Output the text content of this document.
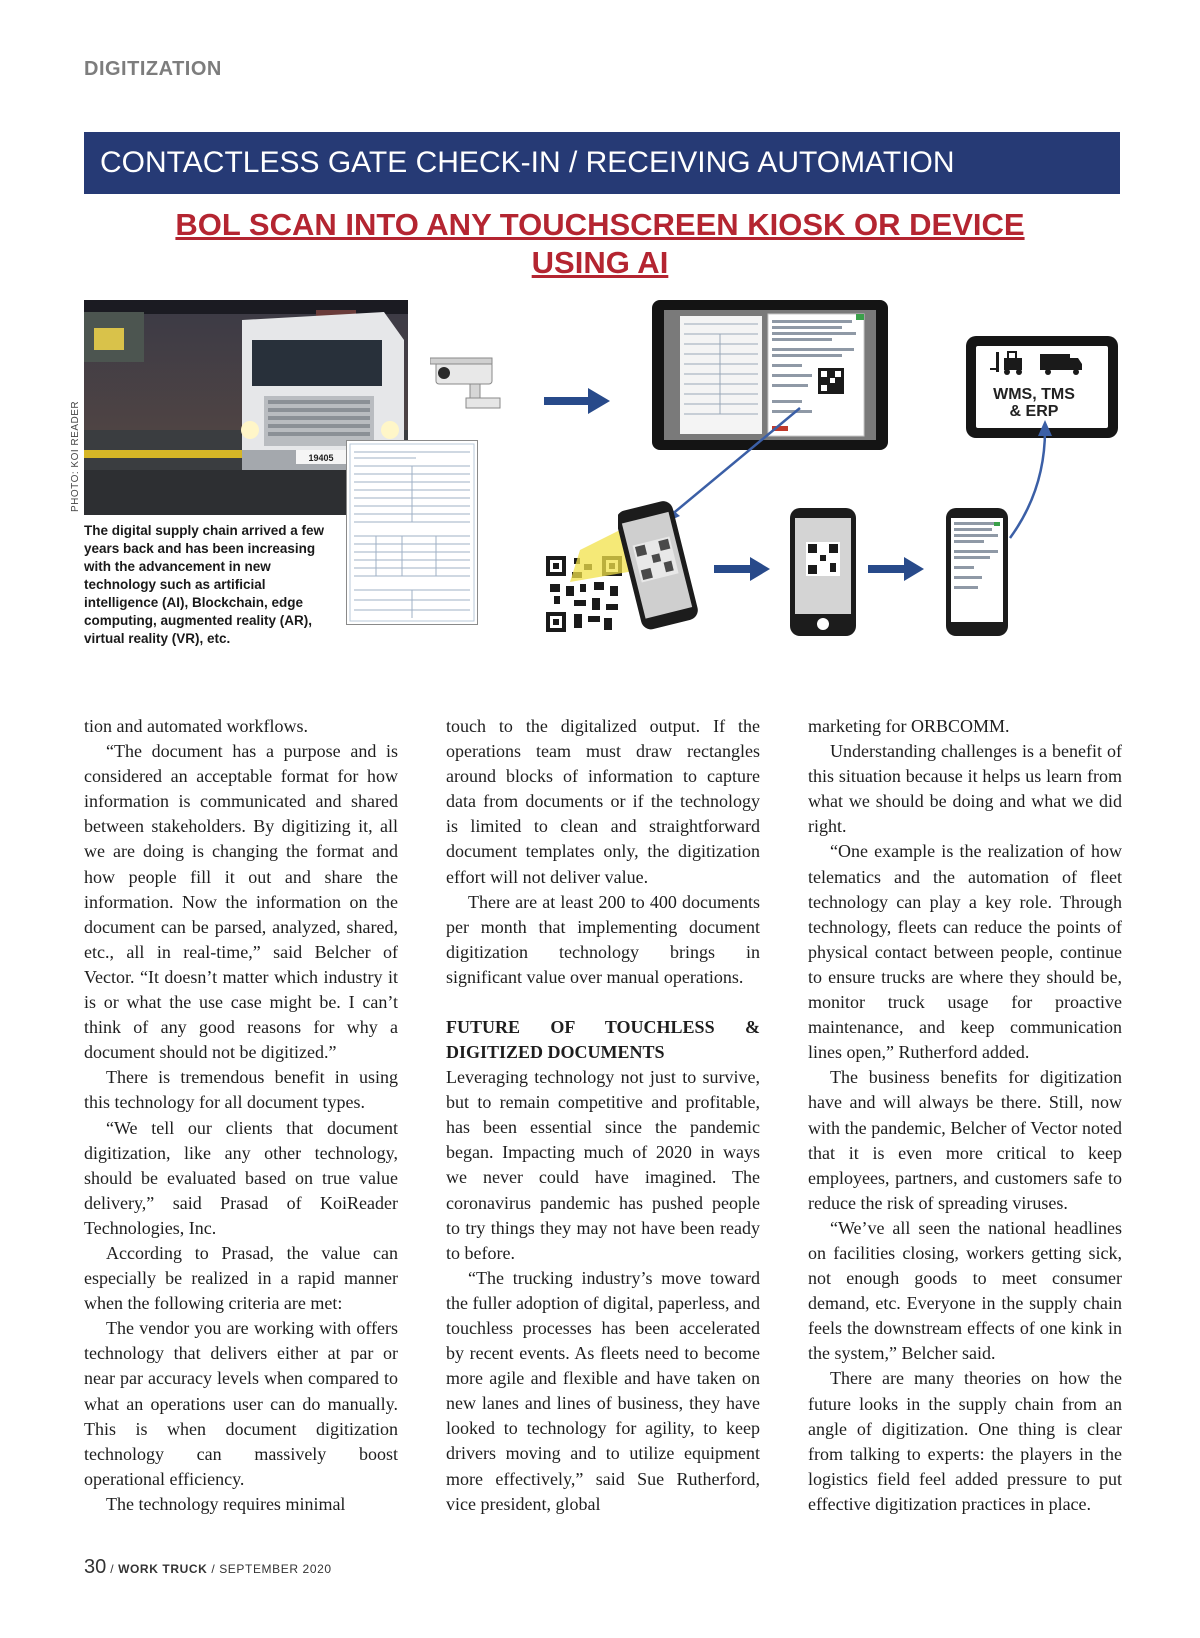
DIGITIZATION
CONTACTLESS GATE CHECK-IN / RECEIVING AUTOMATION
BOL SCAN INTO ANY TOUCHSCREEN KIOSK OR DEVICE
USING AI
PHOTO: KOI READER	19405
The digital supply chain arrived a few years back and has been increasing with the advancement in new technology such as artificial intelligence (AI), Blockchain, edge computing, augmented reality (AR), virtual reality (VR), etc.
WMS, TMS
& ERP

tion and automated workflows.

“The document has a purpose and is considered an acceptable format for how information is communicated and shared between stakeholders. By digitizing it, all we are doing is changing the format and how people fill it out and share the information. Now the information on the document can be parsed, analyzed, shared, etc., all in real-time,” said Belcher of Vector. “It doesn’t matter which industry it is or what the use case might be. I can’t think of any good reasons for why a document should not be digitized.”

There is tremendous benefit in using this technology for all document types.

“We tell our clients that document digitization, like any other technology, should be evaluated based on true value delivery,” said Prasad of KoiReader Technologies, Inc.

According to Prasad, the value can especially be realized in a rapid manner when the following criteria are met:

The vendor you are working with offers technology that delivers either at par or near par accuracy levels when compared to what an operations user can do manually. This is when document digitization technology can massively boost operational efficiency.

The technology requires minimal

touch to the digitalized output. If the operations team must draw rectangles around blocks of information to capture data from documents or if the technology is limited to clean and straightforward document templates only, the digitization effort will not deliver value.

There are at least 200 to 400 documents per month that implementing document digitization technology brings in significant value over manual operations.

FUTURE OF TOUCHLESS & DIGITIZED DOCUMENTS

Leveraging technology not just to survive, but to remain competitive and profitable, has been essential since the pandemic began. Impacting much of 2020 in ways we never could have imagined. The coronavirus pandemic has pushed people to try things they may not have been ready to before.

“The trucking industry’s move toward the fuller adoption of digital, paperless, and touchless processes has been accelerated by recent events. As fleets need to become more agile and flexible and have taken on new lanes and lines of business, they have looked to technology for agility, to keep drivers moving and to utilize equipment more effectively,” said Sue Rutherford, vice president, global

marketing for ORBCOMM.

Understanding challenges is a benefit of this situation because it helps us learn from what we should be doing and what we did right.

“One example is the realization of how telematics and the automation of fleet technology can play a key role. Through technology, fleets can reduce the points of physical contact between people, continue to ensure trucks are where they should be, monitor truck usage for proactive maintenance, and keep communication lines open,” Rutherford added.

The business benefits for digitization have and will always be there. Still, now with the pandemic, Belcher of Vector noted that it is even more critical to keep employees, partners, and customers safe to reduce the risk of spreading viruses.

“We’ve all seen the national headlines on facilities closing, workers getting sick, not enough goods to meet consumer demand, etc. Everyone in the supply chain feels the downstream effects of one kink in the system,” Belcher said.

There are many theories on how the future looks in the supply chain from an angle of digitization. One thing is clear from talking to experts: the players in the logistics field feel added pressure to put effective digitization practices in place.

30 / WORK TRUCK / SEPTEMBER 2020
